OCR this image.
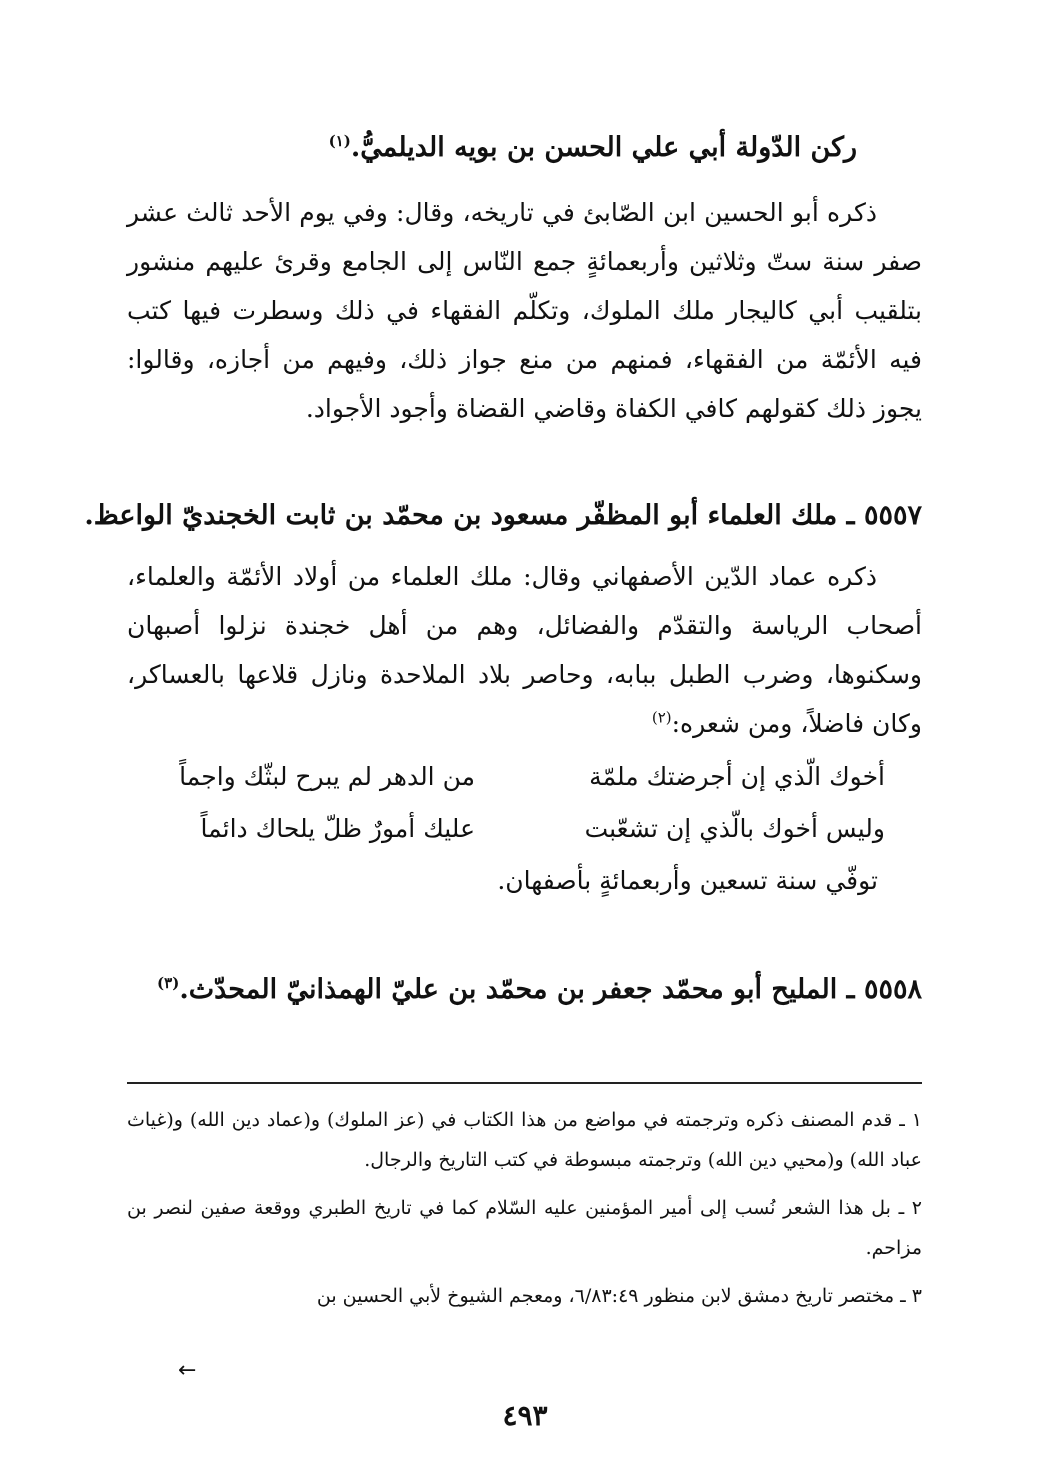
ركن الدّولة أبي علي الحسن بن بويه الديلميُّ.$^{(١)}$

ذكره أبو الحسين ابن الصّابئ في تاريخه، وقال: وفي يوم الأحد ثالث عشر صفر سنة ستّ وثلاثين وأربعمائةٍ جمع النّاس إلى الجامع وقرئ عليهم منشور بتلقيب أبي كاليجار ملك الملوك، وتكلّم الفقهاء في ذلك وسطرت فيها كتب فيه الأئمّة من الفقهاء، فمنهم من منع جواز ذلك، وفيهم من أجازه، وقالوا: يجوز ذلك كقولهم كافي الكفاة وقاضي القضاة وأجود الأجواد.

٥٥٥٧ ـ ملك العلماء أبو المظفّر مسعود بن محمّد بن ثابت الخجنديّ الواعظ.

ذكره عماد الدّين الأصفهاني وقال: ملك العلماء من أولاد الأئمّة والعلماء، أصحاب الرياسة والتقدّم والفضائل، وهم من أهل خجندة نزلوا أصبهان وسكنوها، وضرب الطبل ببابه، وحاصر بلاد الملاحدة ونازل قلاعها بالعساكر، وكان فاضلاً، ومن شعره:$^{(٢)}$

أخوك الّذي إن أجرضتك ملمّة
من الدهر لم يبرح لبثّك واجماً
وليس أخوك بالّذي إن تشعّبت
عليك أمورٌ ظلّ يلحاك دائماً
توفّي سنة تسعين وأربعمائةٍ بأصفهان.
٥٥٥٨ ـ المليح أبو محمّد جعفر بن محمّد بن عليّ الهمذانيّ المحدّث.$^{(٣)}$

١ ـ قدم المصنف ذكره وترجمته في مواضع من هذا الكتاب في (عز الملوك) و(عماد دين الله) و(غياث عباد الله) و(محيي دين الله) وترجمته مبسوطة في كتب التاريخ والرجال.

٢ ـ بل هذا الشعر نُسب إلى أمير المؤمنين عليه السّلام كما في تاريخ الطبري ووقعة صفين لنصر بن مزاحم.

٣ ـ مختصر تاريخ دمشق لابن منظور ٦/٨٣:٤٩، ومعجم الشيوخ لأبي الحسين بن

←
٤٩٣
